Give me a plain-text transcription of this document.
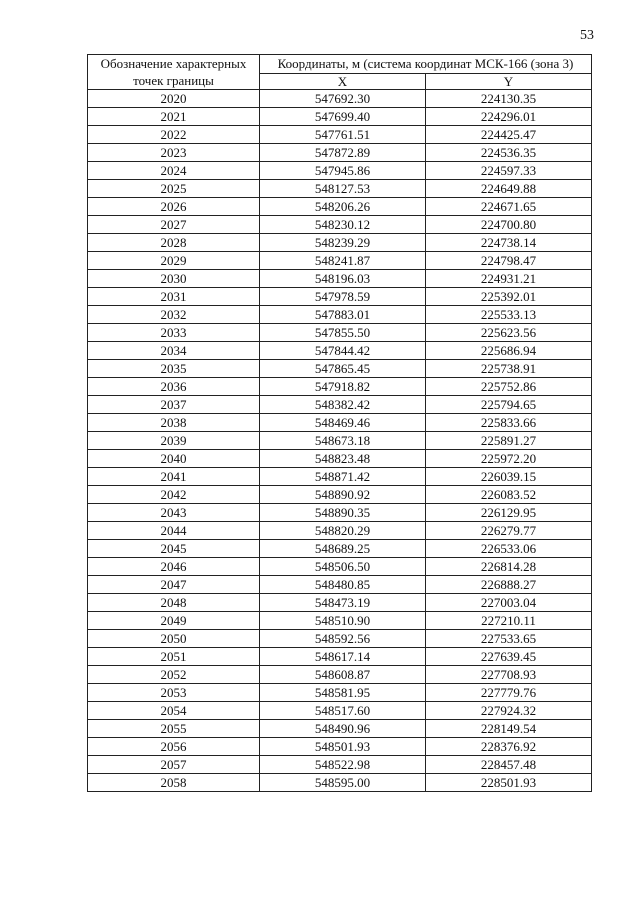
53
Обозначение характерных точек границы	Координаты, м (система координат МСК-166 (зона 3)	
	X	Y
2020	547692.30	224130.35
2021	547699.40	224296.01
2022	547761.51	224425.47
2023	547872.89	224536.35
2024	547945.86	224597.33
2025	548127.53	224649.88
2026	548206.26	224671.65
2027	548230.12	224700.80
2028	548239.29	224738.14
2029	548241.87	224798.47
2030	548196.03	224931.21
2031	547978.59	225392.01
2032	547883.01	225533.13
2033	547855.50	225623.56
2034	547844.42	225686.94
2035	547865.45	225738.91
2036	547918.82	225752.86
2037	548382.42	225794.65
2038	548469.46	225833.66
2039	548673.18	225891.27
2040	548823.48	225972.20
2041	548871.42	226039.15
2042	548890.92	226083.52
2043	548890.35	226129.95
2044	548820.29	226279.77
2045	548689.25	226533.06
2046	548506.50	226814.28
2047	548480.85	226888.27
2048	548473.19	227003.04
2049	548510.90	227210.11
2050	548592.56	227533.65
2051	548617.14	227639.45
2052	548608.87	227708.93
2053	548581.95	227779.76
2054	548517.60	227924.32
2055	548490.96	228149.54
2056	548501.93	228376.92
2057	548522.98	228457.48
2058	548595.00	228501.93
